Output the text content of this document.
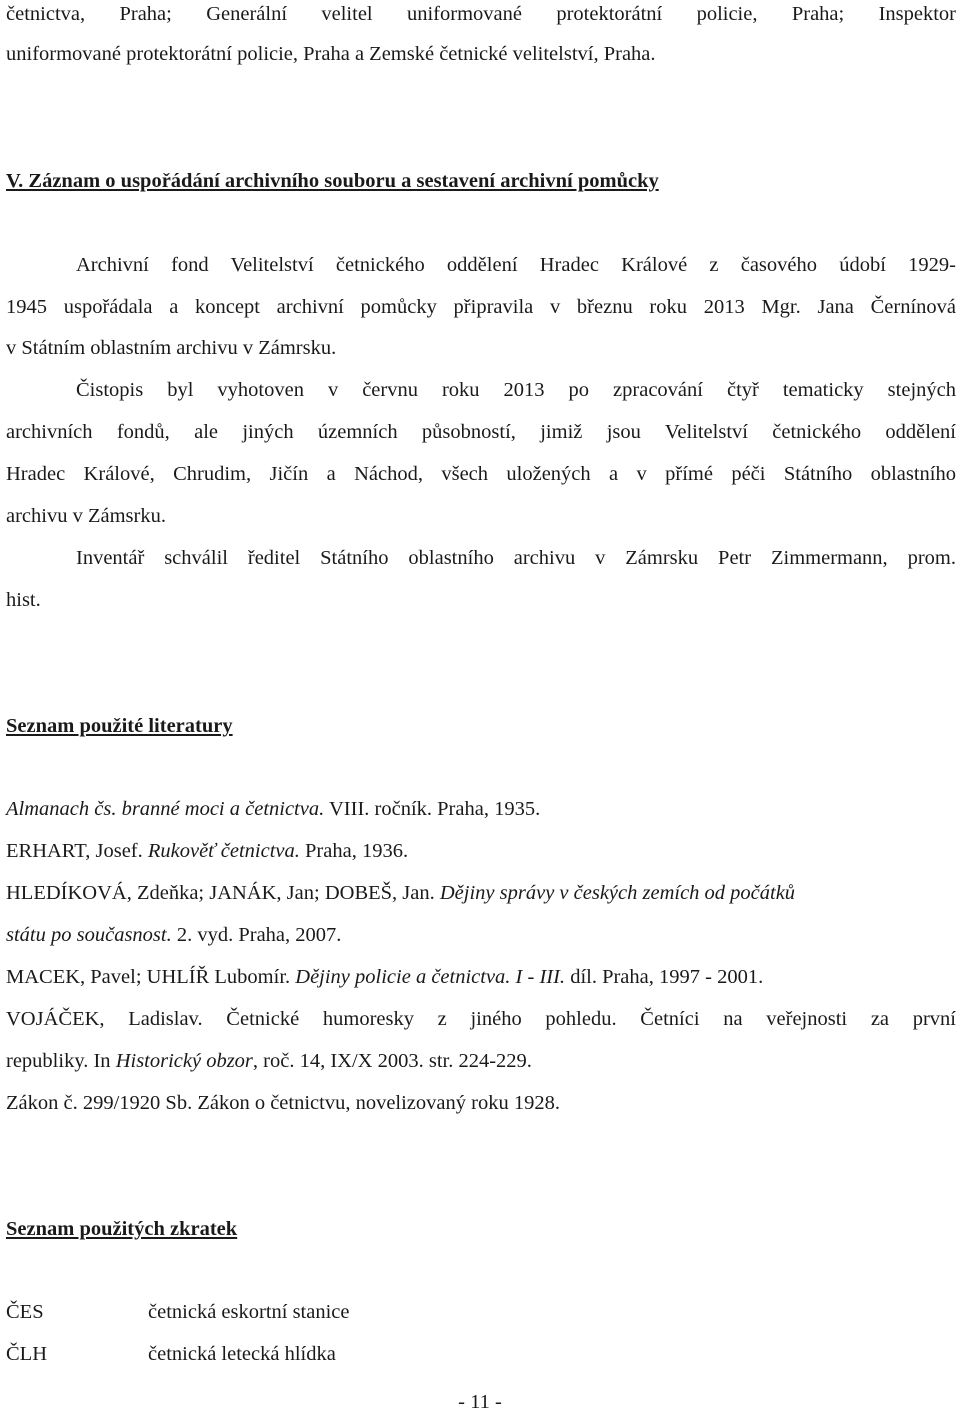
četnictva, Praha; Generální velitel uniformované protektorátní policie, Praha; Inspektor
uniformované protektorátní policie, Praha a Zemské četnické velitelství, Praha.
V. Záznam o uspořádání archivního souboru a sestavení archivní pomůcky
Archivní fond Velitelství četnického oddělení Hradec Králové z časového údobí 1929-
1945 uspořádala a koncept archivní pomůcky připravila v březnu roku 2013 Mgr. Jana Černínová
v Státním oblastním archivu v Zámrsku.
Čistopis byl vyhotoven v červnu roku 2013 po zpracování čtyř tematicky stejných
archivních fondů, ale jiných územních působností, jimiž jsou Velitelství četnického oddělení
Hradec Králové, Chrudim, Jičín a Náchod, všech uložených a v přímé péči Státního oblastního
archivu v Zámsrku.
Inventář schválil ředitel Státního oblastního archivu v Zámrsku Petr Zimmermann, prom.
hist.
Seznam použité literatury
Almanach čs. branné moci a četnictva. VIII. ročník. Praha, 1935.
ERHART, Josef. Rukověť četnictva. Praha, 1936.
HLEDÍKOVÁ, Zdeňka; JANÁK, Jan; DOBEŠ, Jan. Dějiny správy v českých zemích od počátků
státu po současnost. 2. vyd. Praha, 2007.
MACEK, Pavel; UHLÍŘ Lubomír. Dějiny policie a četnictva. I - III. díl. Praha, 1997 - 2001.
VOJÁČEK, Ladislav. Četnické humoresky z jiného pohledu. Četníci na veřejnosti za první
republiky. In Historický obzor, roč. 14, IX/X 2003. str. 224-229.
Zákon č. 299/1920 Sb. Zákon o četnictvu, novelizovaný roku 1928.
Seznam použitých zkratek
ČES	četnická eskortní stanice
ČLH	četnická letecká hlídka
- 11 -
